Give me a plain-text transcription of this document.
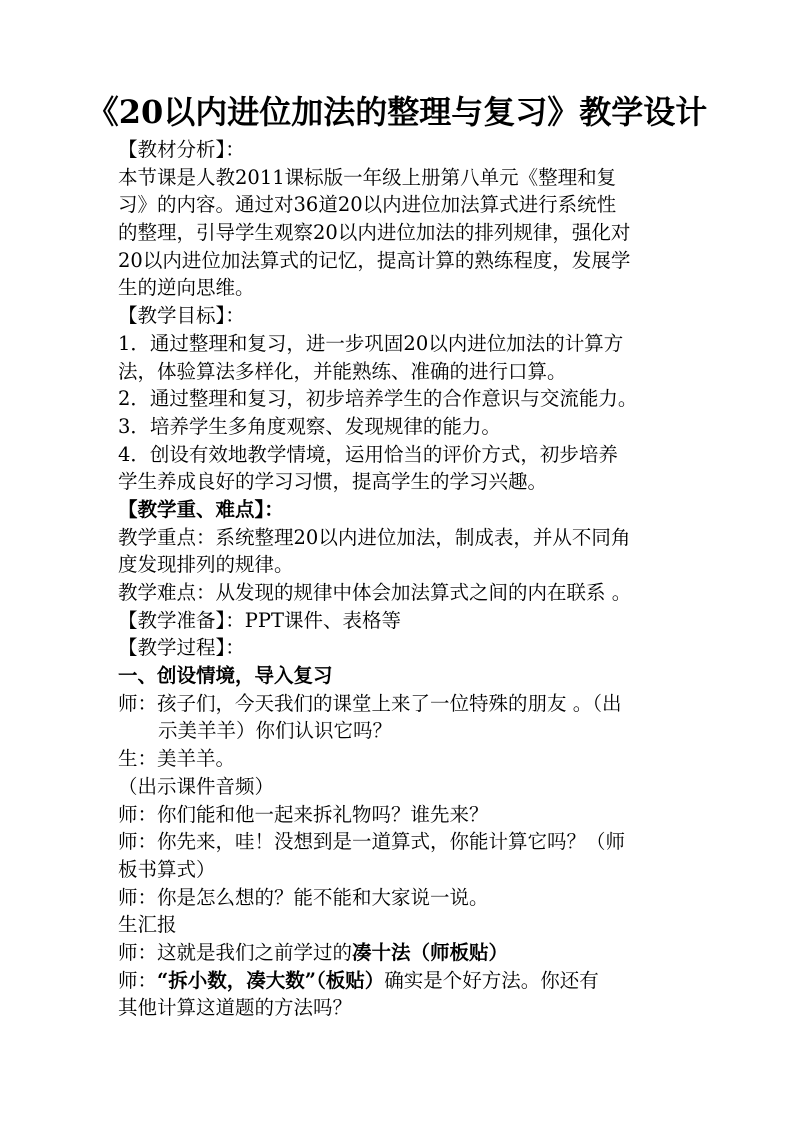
《20以内进位加法的整理与复习》教学设计
【教材分析】：
本节课是人教2011课标版一年级上册第八单元《整理和复
习》的内容。通过对36道20以内进位加法算式进行系统性
的整理，引导学生观察20以内进位加法的排列规律，强化对
20以内进位加法算式的记忆，提高计算的熟练程度，发展学
生的逆向思维。
【教学目标】：
1．通过整理和复习，进一步巩固20以内进位加法的计算方
法，体验算法多样化，并能熟练、准确的进行口算。
2．通过整理和复习，初步培养学生的合作意识与交流能力。
3．培养学生多角度观察、发现规律的能力。
4．创设有效地教学情境，运用恰当的评价方式，初步培养
学生养成良好的学习习惯，提高学生的学习兴趣。
【教学重、难点】：
教学重点：系统整理20以内进位加法，制成表，并从不同角
度发现排列的规律。
教学难点：从发现的规律中体会加法算式之间的内在联系 。
【教学准备】：PPT课件、表格等
【教学过程】：
一、创设情境，导入复习
师：孩子们，今天我们的课堂上来了一位特殊的朋友 。（出
示美羊羊）你们认识它吗？
生：美羊羊。
（出示课件音频）
师：你们能和他一起来拆礼物吗？谁先来？
师：你先来，哇！没想到是一道算式，你能计算它吗？（师
板书算式）
师：你是怎么想的？能不能和大家说一说。
生汇报
师：这就是我们之前学过的凑十法（师板贴）
师：“拆小数，凑大数”（板贴）确实是个好方法。你还有
其他计算这道题的方法吗？
